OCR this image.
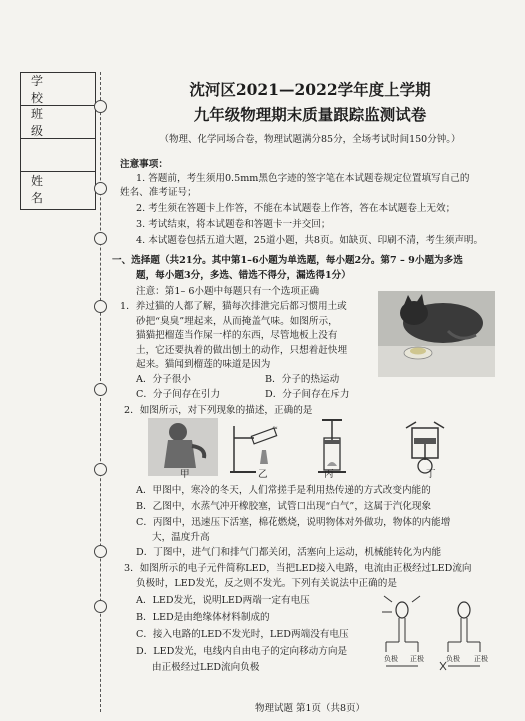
学 校
班 级
姓 名
沈河区2021—2022学年度上学期
九年级物理期末质量跟踪监测试卷
（物理、化学同场合卷，物理试题满分85分，全场考试时间150分钟。）
注意事项：
1. 答题前，考生须用0.5mm黑色字迹的签字笔在本试题卷规定位置填写自己的
姓名、准考证号；
2. 考生须在答题卡上作答，不能在本试题卷上作答，答在本试题卷上无效；
3. 考试结束，将本试题卷和答题卡一并交回；
4. 本试题卷包括五道大题，25道小题，共8页。如缺页、印刷不清，考生须声明。
一、选择题（共21分。其中第1–6小题为单选题，每小题2分。第7 – 9小题为多选
题，每小题3分，多选、错选不得分，漏选得1分）
注意：第1– 6小题中每题只有一个选项正确
1．养过猫的人都了解，猫每次排泄完后都习惯用土或
砂把“臭臭”埋起来，从而掩盖气味。如图所示，
猫猫把榴莲当作屎一样的东西，尽管地板上没有
土，它还要执着的做出刨土的动作，只想着赶快埋
起来。猫闻到榴莲的味道是因为
A．分子很小	B．分子的热运动
C．分子间存在引力	D．分子间存在斥力
2．如图所示，对下列现象的描述，正确的是
≈
甲	乙	丙	丁
A．甲图中，寒冷的冬天，人们常搓手是利用热传递的方式改变内能的
B．乙图中，水蒸气冲开橡胶塞，试管口出现“白气”，这属于汽化现象
C．丙图中，迅速压下活塞，棉花燃烧，说明物体对外做功，物体的内能增
大，温度升高
D．丁图中，进气门和排气门都关闭，活塞向上运动，机械能转化为内能
3．如图所示的电子元件简称LED，当把LED接入电路，电流由正极经过LED流向
负极时，LED发光，反之则不发光。下列有关说法中正确的是
A．LED发光，说明LED两端一定有电压
B．LED是由绝缘体材料制成的
C．接入电路的LED不发光时，LED两端没有电压
D．LED发光，电线内自由电子的定向移动方向是
由正极经过LED流向负极
负极 正极	负极 正极
物理试题 第1页（共8页）
